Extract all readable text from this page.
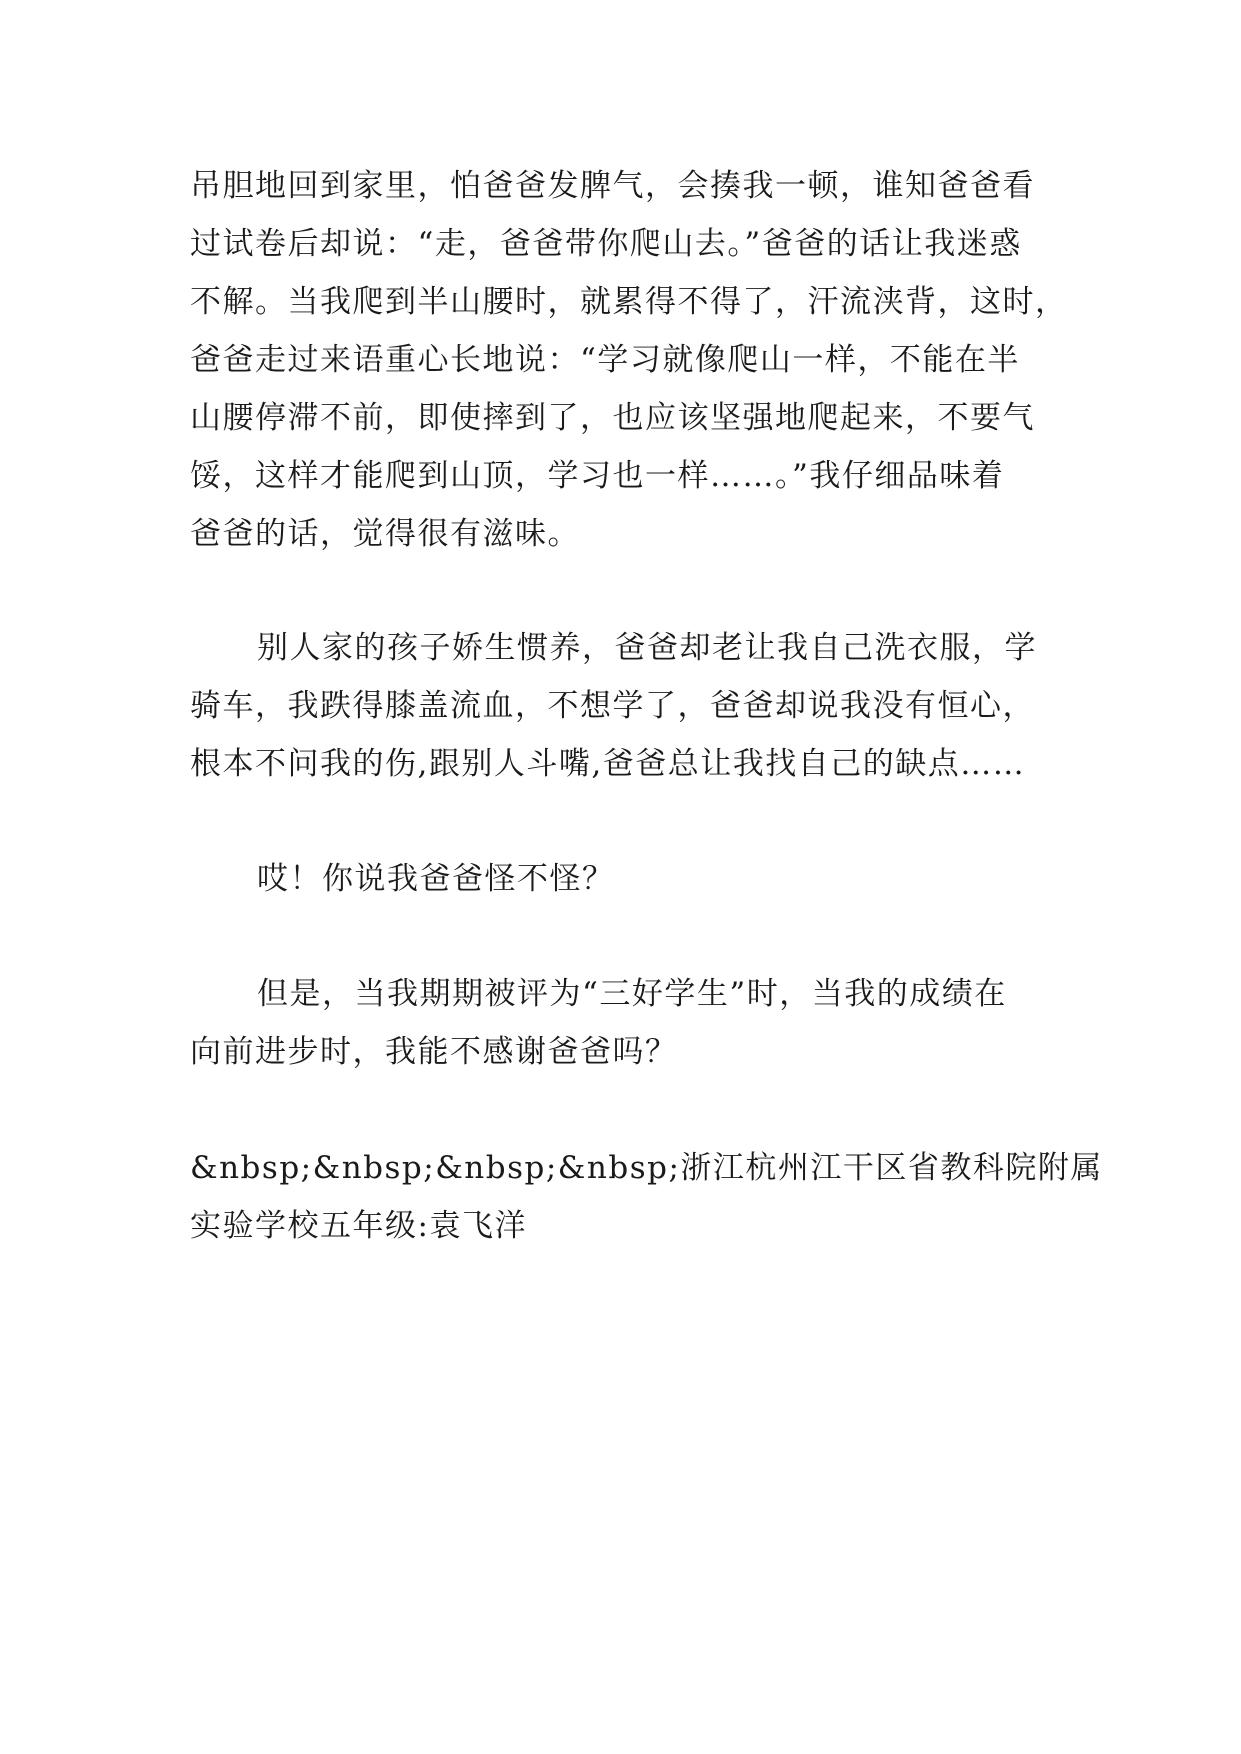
吊胆地回到家里，怕爸爸发脾气，会揍我一顿，谁知爸爸看
过试卷后却说：“走，爸爸带你爬山去。”爸爸的话让我迷惑
不解。当我爬到半山腰时，就累得不得了，汗流浃背，这时，
爸爸走过来语重心长地说：“学习就像爬山一样，不能在半
山腰停滞不前，即使摔到了，也应该坚强地爬起来，不要气
馁，这样才能爬到山顶，学习也一样……。”我仔细品味着
爸爸的话，觉得很有滋味。
别人家的孩子娇生惯养，爸爸却老让我自己洗衣服，学
骑车，我跌得膝盖流血，不想学了，爸爸却说我没有恒心，
根本不问我的伤,跟别人斗嘴,爸爸总让我找自己的缺点……
哎！你说我爸爸怪不怪？
但是，当我期期被评为“三好学生”时，当我的成绩在
向前进步时，我能不感谢爸爸吗？
&nbsp;&nbsp;&nbsp;&nbsp;浙江杭州江干区省教科院附属
实验学校五年级:袁飞洋
